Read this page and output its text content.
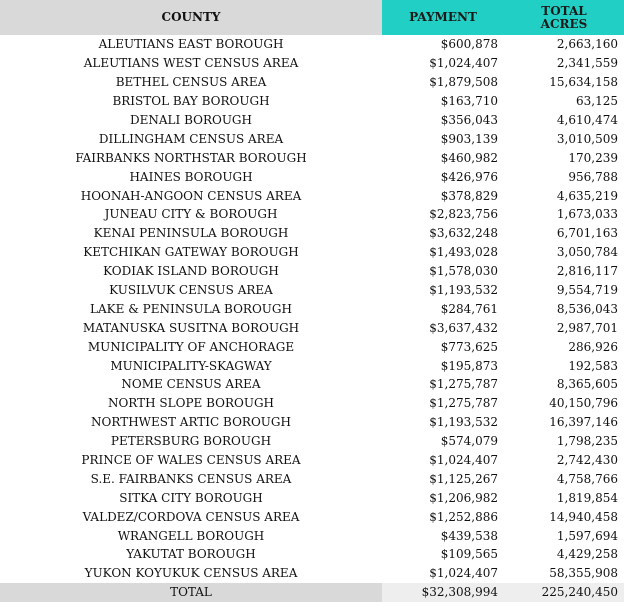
COUNTY	PAYMENT	TOTAL
ACRES

ALEUTIANS EAST BOROUGH	$600,878	2,663,160
ALEUTIANS WEST CENSUS AREA	$1,024,407	2,341,559
BETHEL CENSUS AREA	$1,879,508	15,634,158
BRISTOL BAY BOROUGH	$163,710	63,125
DENALI BOROUGH	$356,043	4,610,474
DILLINGHAM CENSUS AREA	$903,139	3,010,509
FAIRBANKS NORTHSTAR BOROUGH	$460,982	170,239
HAINES BOROUGH	$426,976	956,788
HOONAH-ANGOON CENSUS AREA	$378,829	4,635,219
JUNEAU CITY & BOROUGH	$2,823,756	1,673,033
KENAI PENINSULA BOROUGH	$3,632,248	6,701,163
KETCHIKAN GATEWAY BOROUGH	$1,493,028	3,050,784
KODIAK ISLAND BOROUGH	$1,578,030	2,816,117
KUSILVUK CENSUS AREA	$1,193,532	9,554,719
LAKE & PENINSULA BOROUGH	$284,761	8,536,043
MATANUSKA SUSITNA BOROUGH	$3,637,432	2,987,701
MUNICIPALITY OF ANCHORAGE	$773,625	286,926
MUNICIPALITY-SKAGWAY	$195,873	192,583
NOME CENSUS AREA	$1,275,787	8,365,605
NORTH SLOPE BOROUGH	$1,275,787	40,150,796
NORTHWEST ARTIC BOROUGH	$1,193,532	16,397,146
PETERSBURG BOROUGH	$574,079	1,798,235
PRINCE OF WALES CENSUS AREA	$1,024,407	2,742,430
S.E. FAIRBANKS CENSUS AREA	$1,125,267	4,758,766
SITKA CITY BOROUGH	$1,206,982	1,819,854
VALDEZ/CORDOVA CENSUS AREA	$1,252,886	14,940,458
WRANGELL BOROUGH	$439,538	1,597,694
YAKUTAT BOROUGH	$109,565	4,429,258
YUKON KOYUKUK CENSUS AREA	$1,024,407	58,355,908
TOTAL	$32,308,994	225,240,450
